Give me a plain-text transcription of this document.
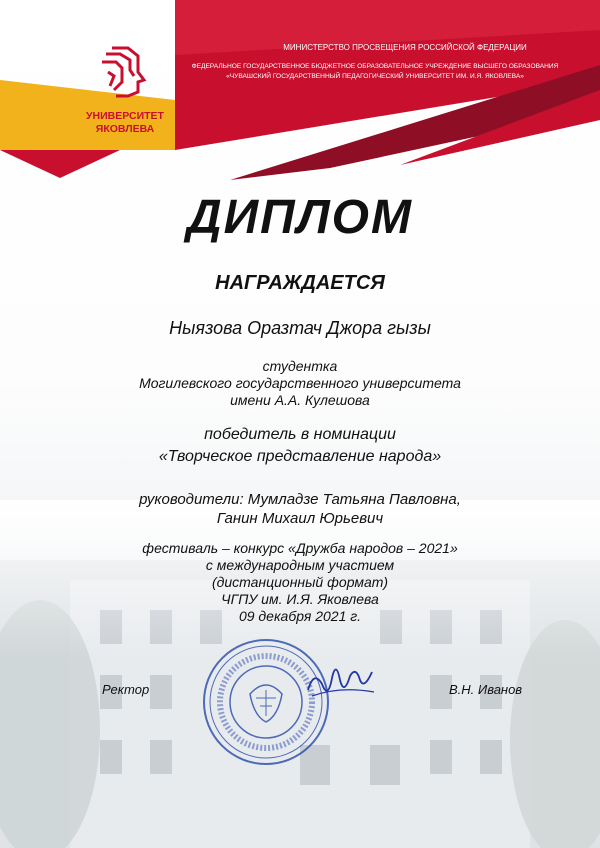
УНИВЕРСИТЕТ
ЯКОВЛЕВА
МИНИСТЕРСТВО ПРОСВЕЩЕНИЯ РОССИЙСКОЙ ФЕДЕРАЦИИ
ФЕДЕРАЛЬНОЕ ГОСУДАРСТВЕННОЕ БЮДЖЕТНОЕ ОБРАЗОВАТЕЛЬНОЕ УЧРЕЖДЕНИЕ ВЫСШЕГО ОБРАЗОВАНИЯ
«ЧУВАШСКИЙ ГОСУДАРСТВЕННЫЙ ПЕДАГОГИЧЕСКИЙ УНИВЕРСИТЕТ ИМ. И.Я. ЯКОВЛЕВА»
ДИПЛОМ
НАГРАЖДАЕТСЯ
Ныязова Оразтач Джора гызы
студентка
Могилевского государственного университета
имени А.А. Кулешова
победитель в номинации
«Творческое представление народа»
руководители: Мумладзе Татьяна Павловна,
Ганин Михаил Юрьевич
фестиваль – конкурс «Дружба народов – 2021»
с международным участием
(дистанционный формат)
ЧГПУ им. И.Я. Яковлева
09 декабря 2021 г.
Ректор	В.Н. Иванов
